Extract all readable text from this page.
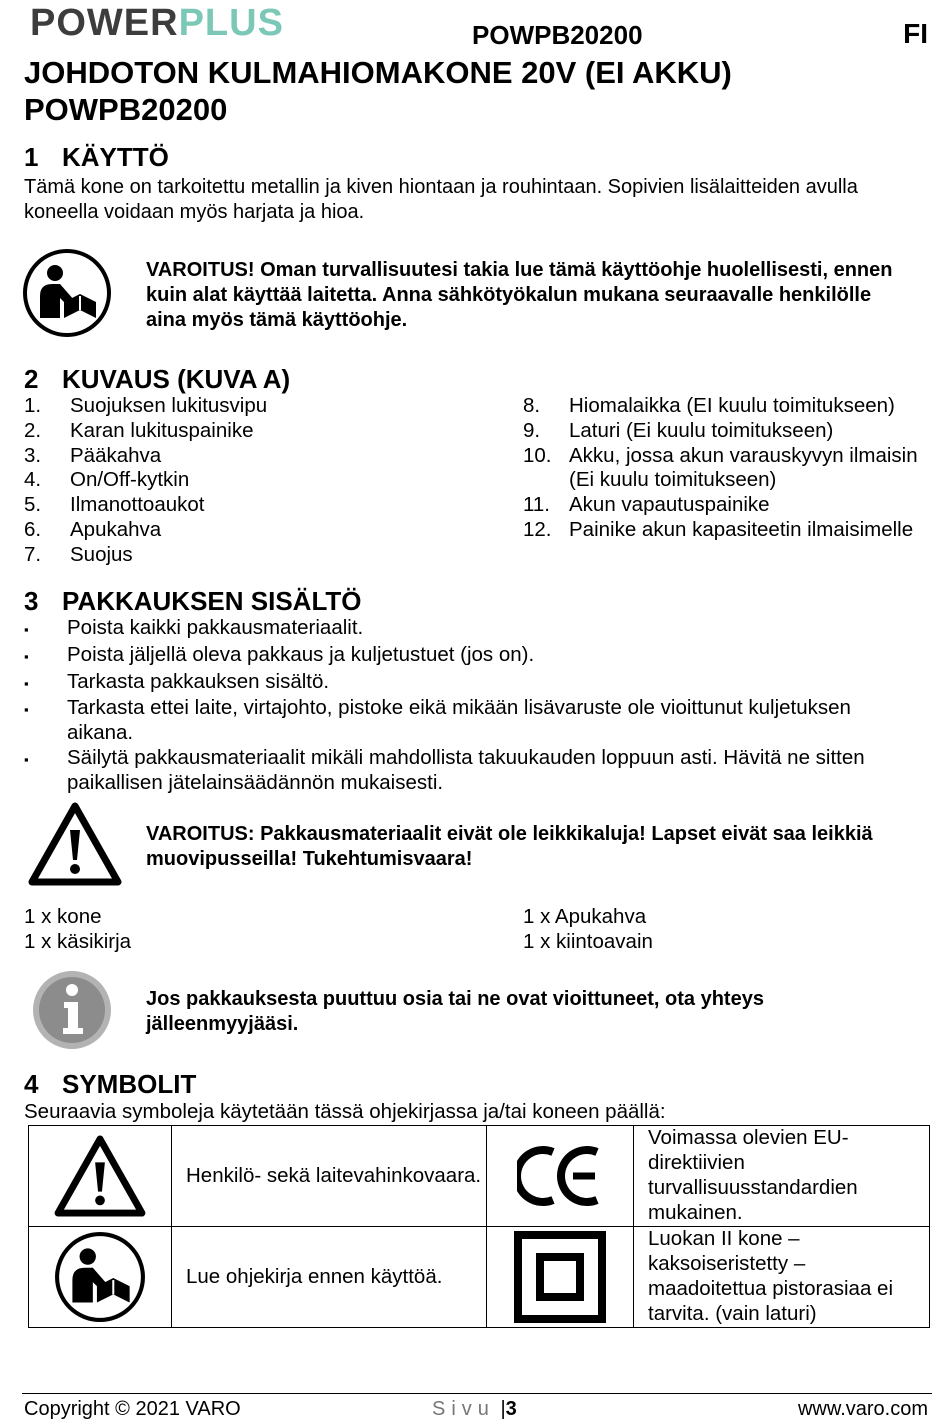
POWERPLUS	POWPB20200	FI
JOHDOTON KULMAHIOMAKONE 20V (EI AKKU)
POWPB20200
1 KÄYTTÖ
Tämä kone on tarkoitettu metallin ja kiven hiontaan ja rouhintaan. Sopivien lisälaitteiden avulla
koneella voidaan myös harjata ja hioa.
VAROITUS! Oman turvallisuutesi takia lue tämä käyttöohje huolellisesti, ennen kuin alat käyttää laitetta. Anna sähkötyökalun mukana seuraavalle henkilölle aina myös tämä käyttöohje.
2 KUVAUS (KUVA A)
1.	Suojuksen lukitusvipu
2.	Karan lukituspainike
3.	Pääkahva
4.	On/Off-kytkin
5.	Ilmanottoaukot
6.	Apukahva
7.	Suojus
8.	Hiomalaikka (EI kuulu toimitukseen)
9.	Laturi (Ei kuulu toimitukseen)
10. Akku, jossa akun varauskyvyn ilmaisin (Ei kuulu toimitukseen)
11. Akun vapautuspainike
12. Painike akun kapasiteetin ilmaisimelle
3 PAKKAUKSEN SISÄLTÖ
▪	Poista kaikki pakkausmateriaalit.
▪	Poista jäljellä oleva pakkaus ja kuljetustuet (jos on).
▪	Tarkasta pakkauksen sisältö.
▪	Tarkasta ettei laite, virtajohto, pistoke eikä mikään lisävaruste ole vioittunut kuljetuksen aikana.
▪	Säilytä pakkausmateriaalit mikäli mahdollista takuukauden loppuun asti. Hävitä ne sitten paikallisen jätelainsäädännön mukaisesti.
VAROITUS: Pakkausmateriaalit eivät ole leikkikaluja! Lapset eivät saa leikkiä muovipusseilla! Tukehtumisvaara!
1 x kone
1 x käsikirja
1 x Apukahva
1 x kiintoavain
Jos pakkauksesta puuttuu osia tai ne ovat vioittuneet, ota yhteys jälleenmyyjääsi.
4 SYMBOLIT
Seuraavia symboleja käytetään tässä ohjekirjassa ja/tai koneen päällä:
	Henkilö- sekä laitevahinkovaara.		Voimassa olevien EU-direktiivien turvallisuusstandardien mukainen.
	Lue ohjekirja ennen käyttöä.		Luokan II kone – kaksoiseristetty – maadoitettua pistorasiaa ei tarvita. (vain laturi)
Copyright © 2021 VARO	Sivu |3	www.varo.com
